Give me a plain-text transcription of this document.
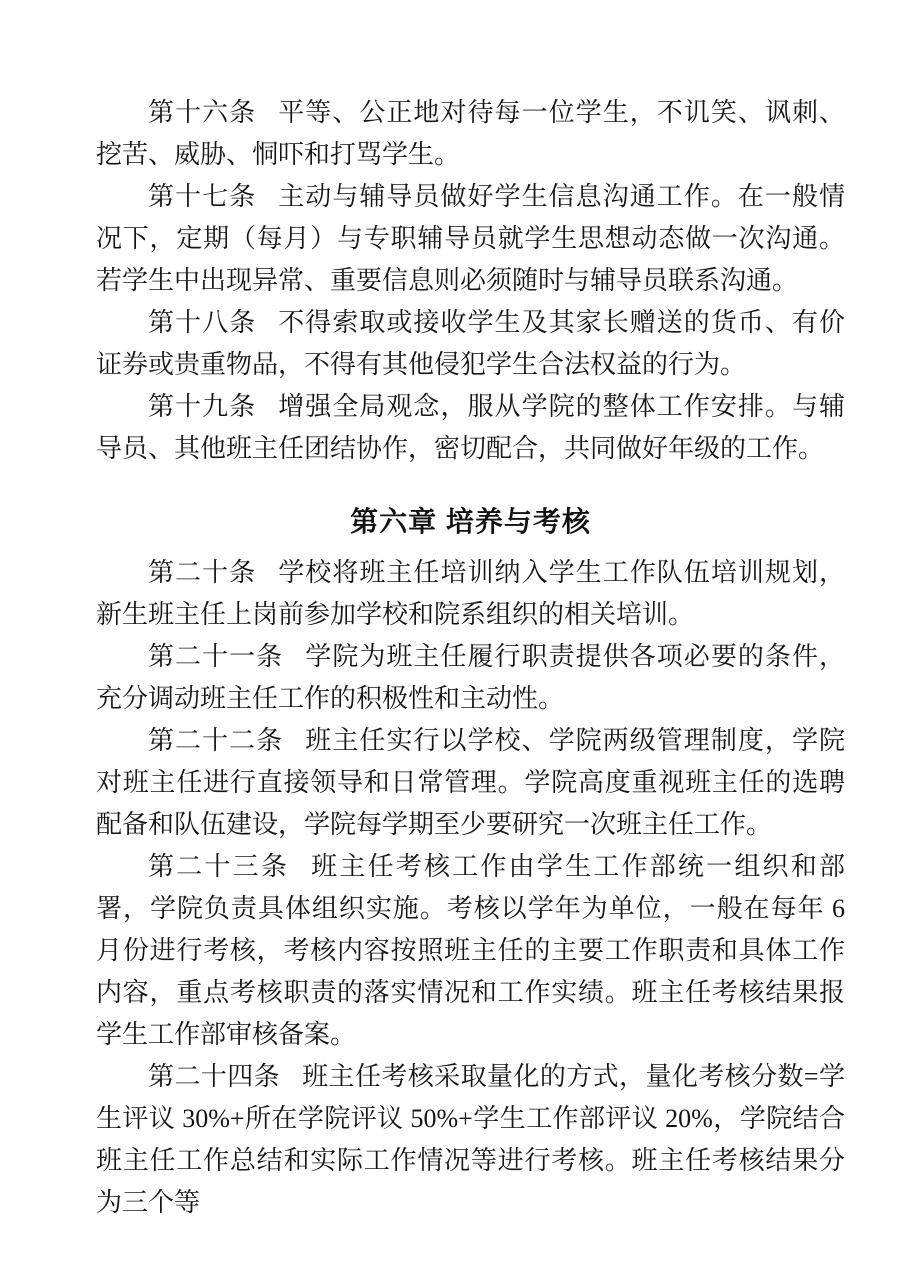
第十六条 平等、公正地对待每一位学生，不讥笑、讽刺、挖苦、威胁、恫吓和打骂学生。

第十七条 主动与辅导员做好学生信息沟通工作。在一般情况下，定期（每月）与专职辅导员就学生思想动态做一次沟通。若学生中出现异常、重要信息则必须随时与辅导员联系沟通。

第十八条 不得索取或接收学生及其家长赠送的货币、有价证券或贵重物品，不得有其他侵犯学生合法权益的行为。

第十九条 增强全局观念，服从学院的整体工作安排。与辅导员、其他班主任团结协作，密切配合，共同做好年级的工作。

第六章 培养与考核

第二十条 学校将班主任培训纳入学生工作队伍培训规划，新生班主任上岗前参加学校和院系组织的相关培训。

第二十一条 学院为班主任履行职责提供各项必要的条件，充分调动班主任工作的积极性和主动性。

第二十二条 班主任实行以学校、学院两级管理制度，学院对班主任进行直接领导和日常管理。学院高度重视班主任的选聘配备和队伍建设，学院每学期至少要研究一次班主任工作。

第二十三条 班主任考核工作由学生工作部统一组织和部署，学院负责具体组织实施。考核以学年为单位，一般在每年 6 月份进行考核，考核内容按照班主任的主要工作职责和具体工作内容，重点考核职责的落实情况和工作实绩。班主任考核结果报学生工作部审核备案。

第二十四条 班主任考核采取量化的方式，量化考核分数=学生评议 30%+所在学院评议 50%+学生工作部评议 20%，学院结合班主任工作总结和实际工作情况等进行考核。班主任考核结果分为三个等
